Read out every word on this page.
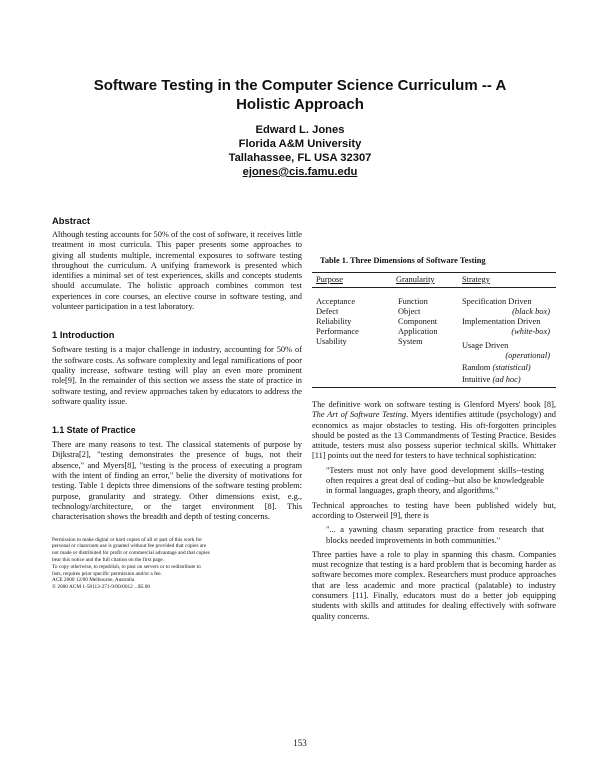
Software Testing in the Computer Science Curriculum -- A
Holistic Approach
Edward L. Jones
Florida A&M University
Tallahassee, FL USA 32307
ejones@cis.famu.edu
Abstract

Although testing accounts for 50% of the cost of software, it receives little treatment in most curricula. This paper presents some approaches to giving all students multiple, incremental exposures to software testing throughout the curriculum. A unifying framework is presented which identifies a minimal set of test experiences, skills and concepts students should accumulate. The holistic approach combines common test experiences in core courses, an elective course in software testing, and volunteer participation in a test laboratory.

1 Introduction

Software testing is a major challenge in industry, accounting for 50% of the software costs. As software complexity and legal ramifications of poor quality increase, software testing will play an even more prominent role[9]. In the remainder of this section we assess the state of practice in software testing, and review approaches taken by educators to address the software quality issue.

1.1 State of Practice

There are many reasons to test. The classical statements of purpose by Dijkstra[2], "testing demonstrates the presence of bugs, not their absence," and Myers[8], "testing is the process of executing a program with the intent of finding an error," belie the diversity of motivations for testing. Table 1 depicts three dimensions of the software testing problem: purpose, granularity and strategy. Other dimensions exist, e.g., technology/architecture, or the target environment [8]. This characterisation shows the breadth and depth of testing concerns.

Permission to make digital or hard copies of all or part of this work for
personal or classroom use is granted without fee provided that copies are
not made or distributed for profit or commercial advantage and that copies
bear this notice and the full citation on the first page.
To copy otherwise, to republish, to post on servers or to redistribute to
lists, requires prior specific permission and/or a fee.
ACE 2000 12/00 Melbourne, Australia
© 2000 ACM 1-58113-271-9/00/0012 ...$5.00
Table 1. Three Dimensions of Software Testing
Purpose	Granularity	Strategy
Acceptance
Defect
Reliability
Performance
Usability
Function
Object
Component
Application
System
Specification Driven
(black box)
Implementation Driven
(white-box)
Usage Driven
(operational)
Random (statistical)
Intuitive (ad hoc)

The definitive work on software testing is Glenford Myers' book [8], The Art of Software Testing. Myers identifies attitude (psychology) and economics as major obstacles to testing. His oft-forgotten principles should be posted as the 13 Commandments of Testing Practice. Besides attitude, testers must also possess superior technical skills. Whittaker [11] points out the need for testers to have technical sophistication:

"Testers must not only have good development skills--testing often requires a great deal of coding--but also be knowledgeable in formal languages, graph theory, and algorithms."

Technical approaches to testing have been published widely but, according to Osterweil [9], there is

"... a yawning chasm separating practice from research that blocks needed improvements in both communities."

Three parties have a role to play in spanning this chasm. Companies must recognize that testing is a hard problem that is becoming harder as software becomes more complex. Researchers must produce approaches that are less academic and more practical (palatable) to industry consumers [11]. Finally, educators must do a better job equipping students with skills and attitudes for dealing effectively with software quality concerns.

153
